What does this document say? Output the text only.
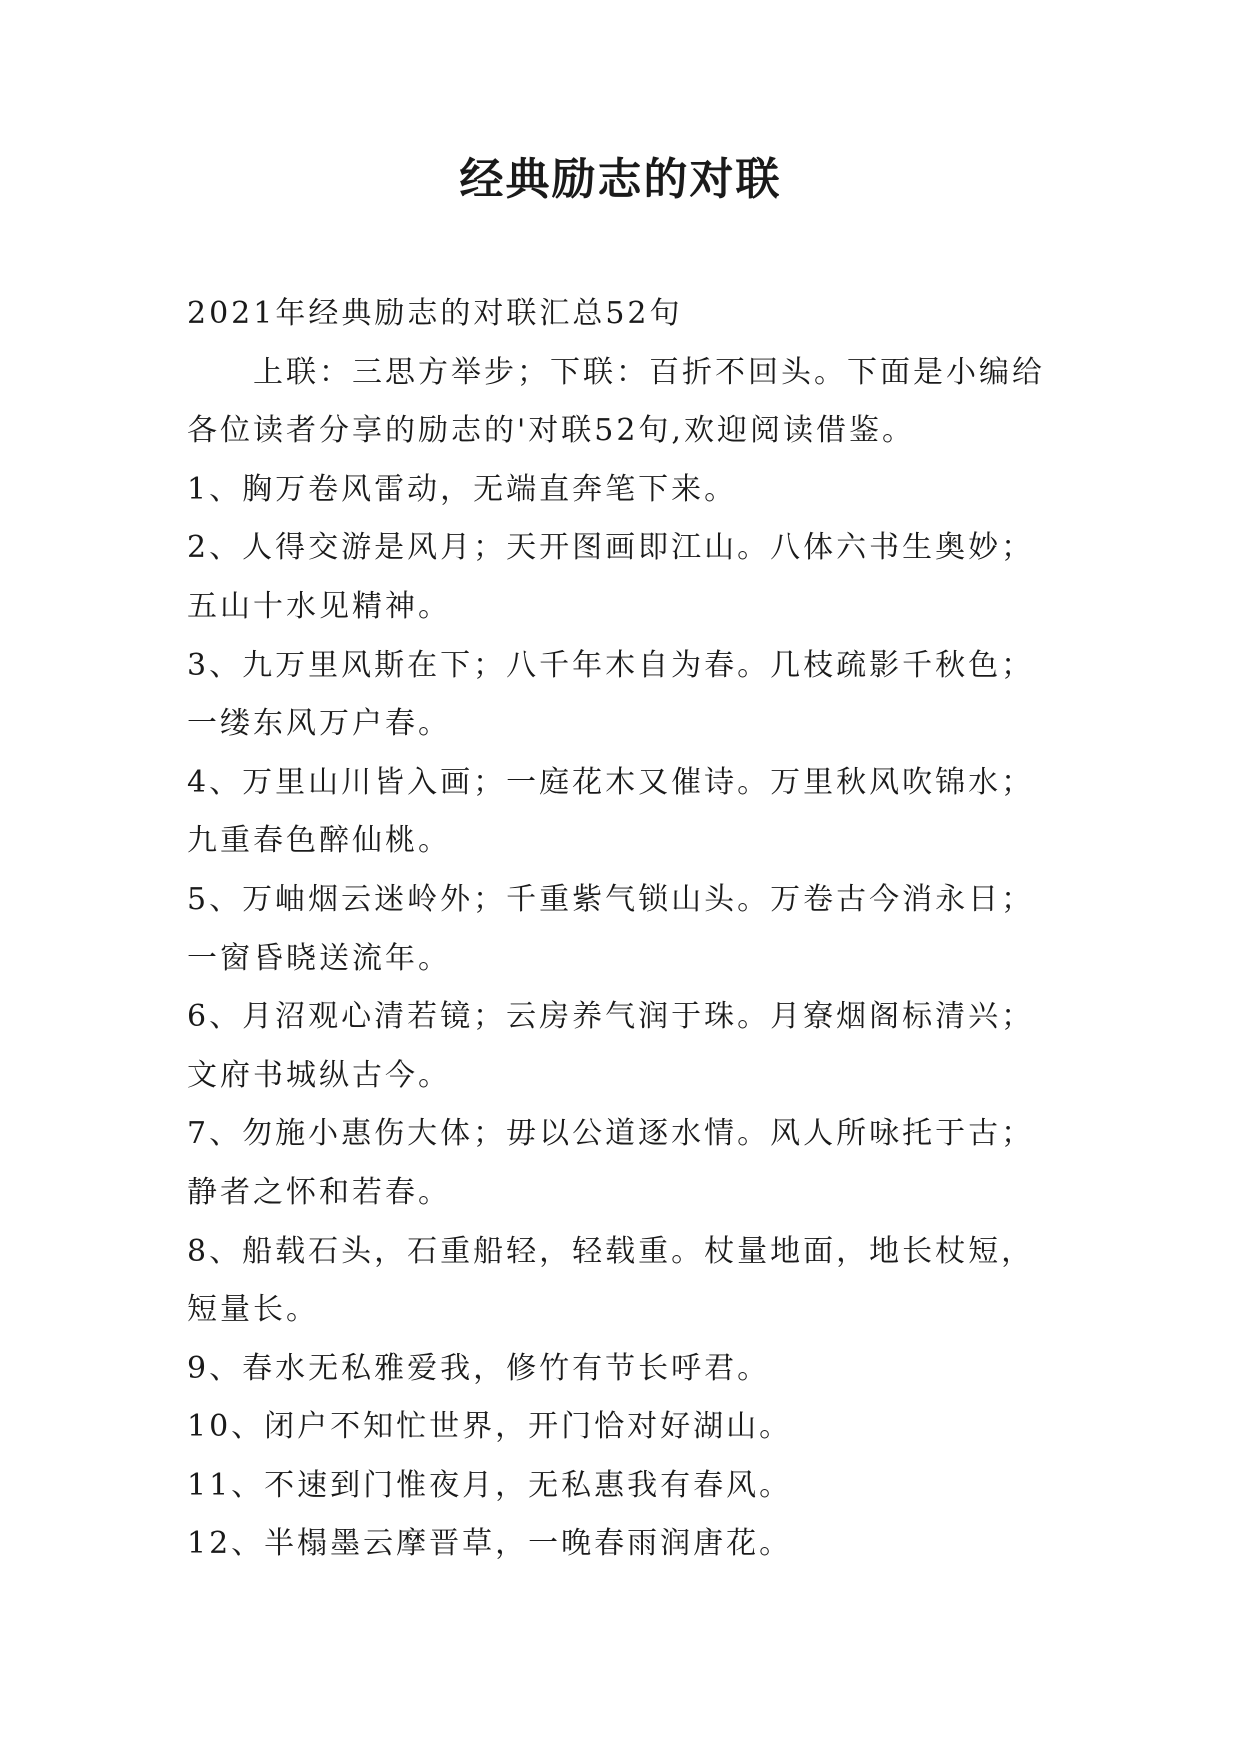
经典励志的对联

2021年经典励志的对联汇总52句

上联：三思方举步；下联：百折不回头。下面是小编给各位读者分享的励志的'对联52句,欢迎阅读借鉴。

1、胸万卷风雷动，无端直奔笔下来。

2、人得交游是风月；天开图画即江山。八体六书生奥妙；五山十水见精神。

3、九万里风斯在下；八千年木自为春。几枝疏影千秋色；一缕东风万户春。

4、万里山川皆入画；一庭花木又催诗。万里秋风吹锦水；九重春色醉仙桃。

5、万岫烟云迷岭外；千重紫气锁山头。万卷古今消永日；一窗昏晓送流年。

6、月沼观心清若镜；云房养气润于珠。月寮烟阁标清兴；文府书城纵古今。

7、勿施小惠伤大体；毋以公道逐水情。风人所咏托于古；静者之怀和若春。

8、船载石头，石重船轻，轻载重。杖量地面，地长杖短，短量长。

9、春水无私雅爱我，修竹有节长呼君。

10、闭户不知忙世界，开门恰对好湖山。

11、不速到门惟夜月，无私惠我有春风。

12、半榻墨云摩晋草，一晚春雨润唐花。
